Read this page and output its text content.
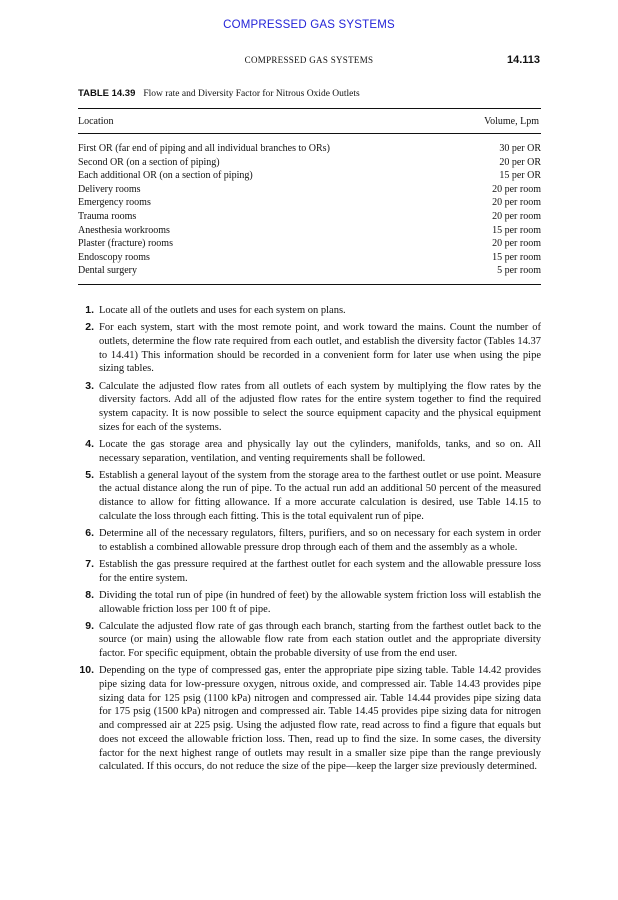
COMPRESSED GAS SYSTEMS
COMPRESSED GAS SYSTEMS	14.113
TABLE 14.39 Flow rate and Diversity Factor for Nitrous Oxide Outlets
Location	Volume, Lpm
First OR (far end of piping and all individual branches to ORs)	30 per OR
Second OR (on a section of piping)	20 per OR
Each additional OR (on a section of piping)	15 per OR
Delivery rooms	20 per room
Emergency rooms	20 per room
Trauma rooms	20 per room
Anesthesia workrooms	15 per room
Plaster (fracture) rooms	20 per room
Endoscopy rooms	15 per room
Dental surgery	5 per room
1. Locate all of the outlets and uses for each system on plans.
2. For each system, start with the most remote point, and work toward the mains. Count the number of outlets, determine the flow rate required from each outlet, and establish the diversity factor (Tables 14.37 to 14.41) This information should be recorded in a convenient form for later use when using the pipe sizing tables.
3. Calculate the adjusted flow rates from all outlets of each system by multiplying the flow rates by the diversity factors. Add all of the adjusted flow rates for the entire system together to find the required system capacity. It is now possible to select the source equipment capacity and the physical equipment sizes for each of the systems.
4. Locate the gas storage area and physically lay out the cylinders, manifolds, tanks, and so on. All necessary separation, ventilation, and venting requirements shall be followed.
5. Establish a general layout of the system from the storage area to the farthest outlet or use point. Measure the actual distance along the run of pipe. To the actual run add an additional 50 percent of the measured distance to allow for fitting allowance. If a more accurate calculation is desired, use Table 14.15 to calculate the loss through each fitting. This is the total equivalent run of pipe.
6. Determine all of the necessary regulators, filters, purifiers, and so on necessary for each system in order to establish a combined allowable pressure drop through each of them and the assembly as a whole.
7. Establish the gas pressure required at the farthest outlet for each system and the allowable pressure loss for the entire system.
8. Dividing the total run of pipe (in hundred of feet) by the allowable system friction loss will establish the allowable friction loss per 100 ft of pipe.
9. Calculate the adjusted flow rate of gas through each branch, starting from the farthest outlet back to the source (or main) using the allowable flow rate from each station outlet and the appropriate diversity factor. For specific equipment, obtain the probable diversity of use from the end user.
10. Depending on the type of compressed gas, enter the appropriate pipe sizing table. Table 14.42 provides pipe sizing data for low-pressure oxygen, nitrous oxide, and compressed air. Table 14.43 provides pipe sizing data for 125 psig (1100 kPa) nitrogen and compressed air. Table 14.44 provides pipe sizing data for 175 psig (1500 kPa) nitrogen and compressed air. Table 14.45 provides pipe sizing data for nitrogen and compressed air at 225 psig. Using the adjusted flow rate, read across to find a figure that equals but does not exceed the allowable friction loss. Then, read up to find the size. In some cases, the diversity factor for the next highest range of outlets may result in a smaller size pipe than the range previously calculated. If this occurs, do not reduce the size of the pipe—keep the larger size previously determined.
